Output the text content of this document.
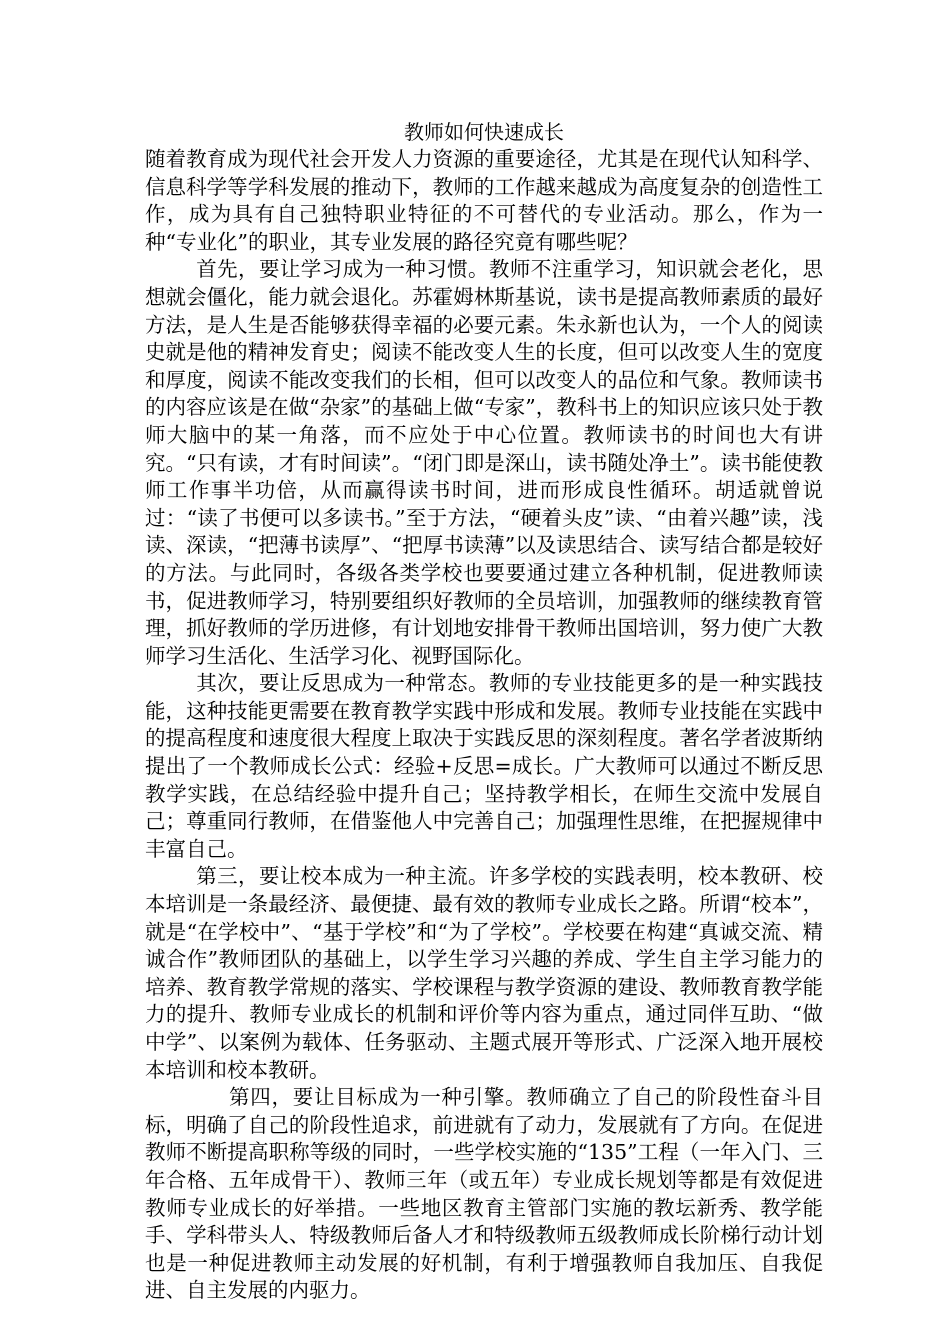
教师如何快速成长

随着教育成为现代社会开发人力资源的重要途径，尤其是在现代认知科学、信息科学等学科发展的推动下，教师的工作越来越成为高度复杂的创造性工作，成为具有自己独特职业特征的不可替代的专业活动。那么，作为一种“专业化”的职业，其专业发展的路径究竟有哪些呢？

首先，要让学习成为一种习惯。教师不注重学习，知识就会老化，思想就会僵化，能力就会退化。苏霍姆林斯基说，读书是提高教师素质的最好方法，是人生是否能够获得幸福的必要元素。朱永新也认为，一个人的阅读史就是他的精神发育史；阅读不能改变人生的长度，但可以改变人生的宽度和厚度，阅读不能改变我们的长相，但可以改变人的品位和气象。教师读书的内容应该是在做“杂家”的基础上做“专家”，教科书上的知识应该只处于教师大脑中的某一角落，而不应处于中心位置。教师读书的时间也大有讲究。“只有读，才有时间读”。“闭门即是深山，读书随处净土”。读书能使教师工作事半功倍，从而赢得读书时间，进而形成良性循环。胡适就曾说过：“读了书便可以多读书。”至于方法，“硬着头皮”读、“由着兴趣”读，浅读、深读，“把薄书读厚”、“把厚书读薄”以及读思结合、读写结合都是较好的方法。与此同时，各级各类学校也要要通过建立各种机制，促进教师读书，促进教师学习，特别要组织好教师的全员培训，加强教师的继续教育管理，抓好教师的学历进修，有计划地安排骨干教师出国培训，努力使广大教师学习生活化、生活学习化、视野国际化。

其次，要让反思成为一种常态。教师的专业技能更多的是一种实践技能，这种技能更需要在教育教学实践中形成和发展。教师专业技能在实践中的提高程度和速度很大程度上取决于实践反思的深刻程度。著名学者波斯纳提出了一个教师成长公式：经验+反思=成长。广大教师可以通过不断反思教学实践，在总结经验中提升自己；坚持教学相长，在师生交流中发展自己；尊重同行教师，在借鉴他人中完善自己；加强理性思维，在把握规律中丰富自己。

第三，要让校本成为一种主流。许多学校的实践表明，校本教研、校本培训是一条最经济、最便捷、最有效的教师专业成长之路。所谓“校本”，就是“在学校中”、“基于学校”和“为了学校”。学校要在构建“真诚交流、精诚合作”教师团队的基础上，以学生学习兴趣的养成、学生自主学习能力的培养、教育教学常规的落实、学校课程与教学资源的建设、教师教育教学能力的提升、教师专业成长的机制和评价等内容为重点，通过同伴互助、“做中学”、以案例为载体、任务驱动、主题式展开等形式、广泛深入地开展校本培训和校本教研。

第四，要让目标成为一种引擎。教师确立了自己的阶段性奋斗目标，明确了自己的阶段性追求，前进就有了动力，发展就有了方向。在促进教师不断提高职称等级的同时，一些学校实施的“135”工程（一年入门、三年合格、五年成骨干）、教师三年（或五年）专业成长规划等都是有效促进教师专业成长的好举措。一些地区教育主管部门实施的教坛新秀、教学能手、学科带头人、特级教师后备人才和特级教师五级教师成长阶梯行动计划也是一种促进教师主动发展的好机制，有利于增强教师自我加压、自我促进、自主发展的内驱力。
